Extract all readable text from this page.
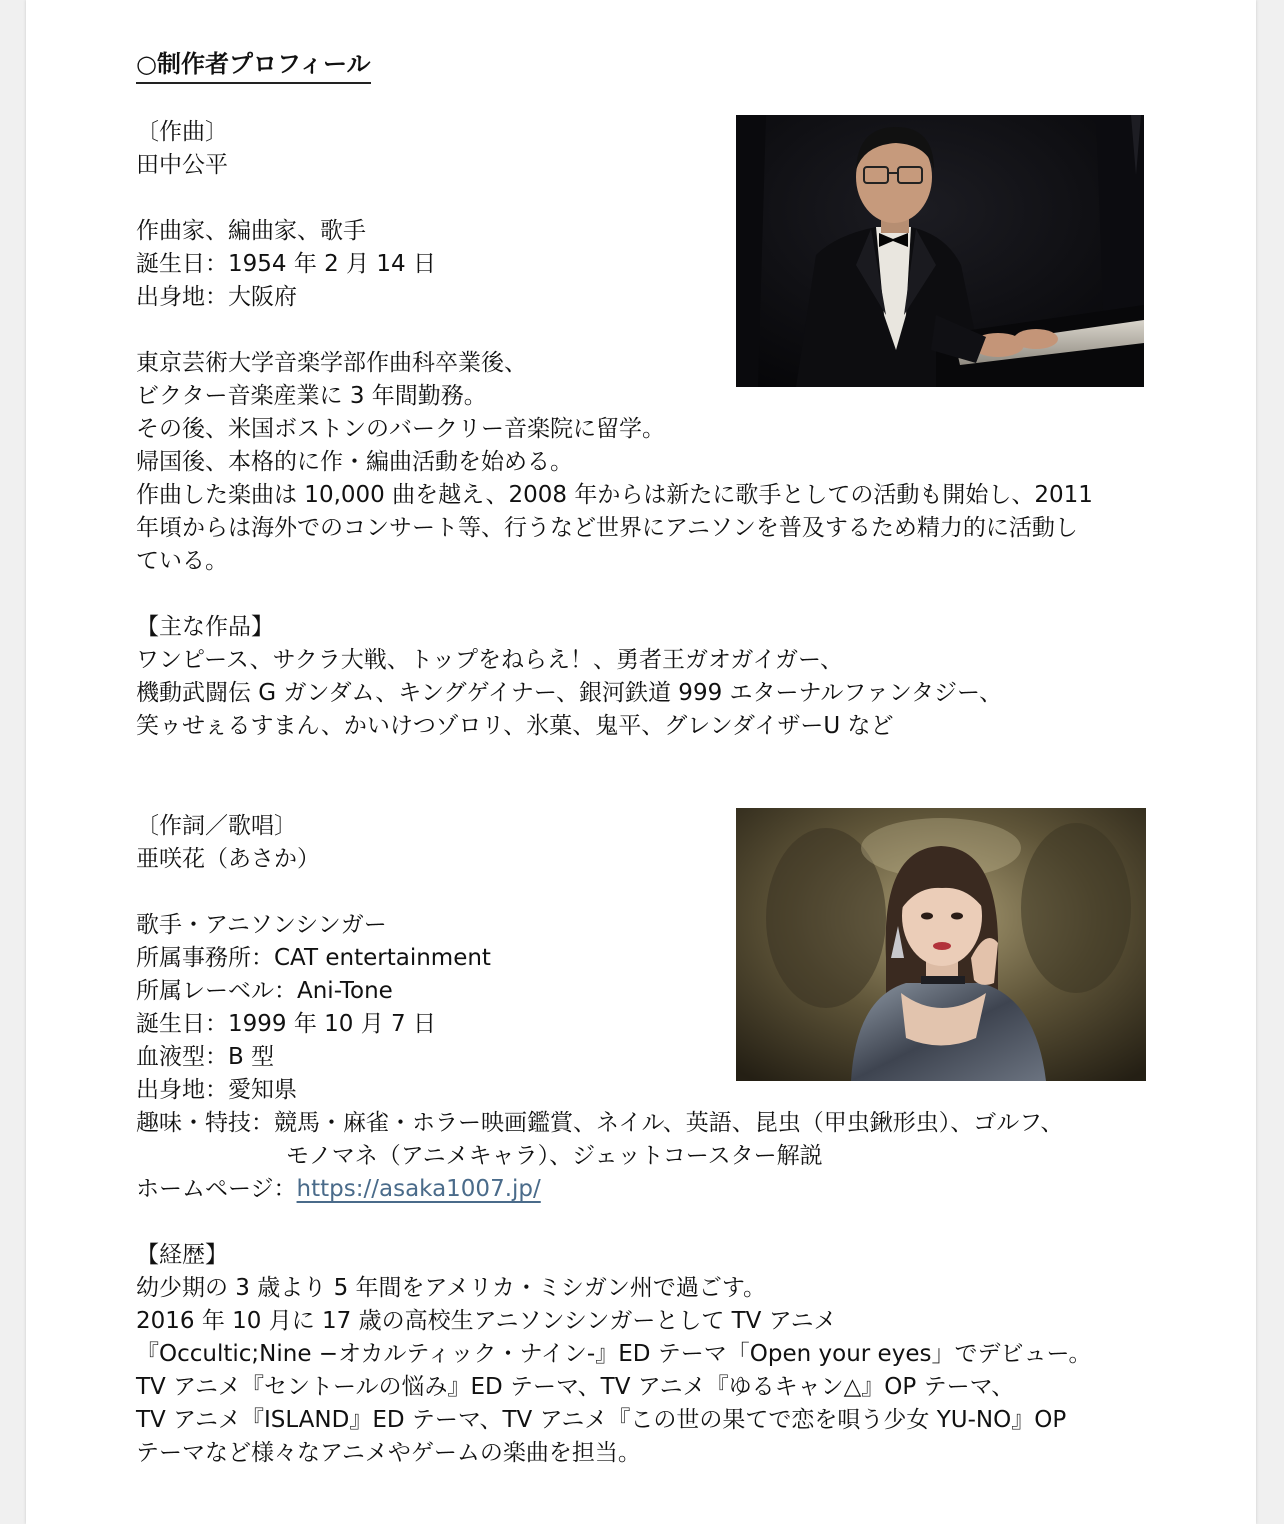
○制作者プロフィール
〔作曲〕
田中公平
作曲家、編曲家、歌手
誕生日：1954 年 2 月 14 日
出身地：大阪府
東京芸術大学音楽学部作曲科卒業後、
ビクター音楽産業に 3 年間勤務。
その後、米国ボストンのバークリー音楽院に留学。
帰国後、本格的に作・編曲活動を始める。
作曲した楽曲は 10,000 曲を越え、2008 年からは新たに歌手としての活動も開始し、2011
年頃からは海外でのコンサート等、行うなど世界にアニソンを普及するため精力的に活動し
ている。
【主な作品】
ワンピース、サクラ大戦、トップをねらえ！、勇者王ガオガイガー、
機動武闘伝 G ガンダム、キングゲイナー、銀河鉄道 999 エターナルファンタジー、
笑ゥせぇるすまん、かいけつゾロリ、氷菓、鬼平、グレンダイザーU など
〔作詞／歌唱〕
亜咲花（あさか）
歌手・アニソンシンガー
所属事務所：CAT entertainment
所属レーベル：Ani-Tone
誕生日：1999 年 10 月 7 日
血液型：B 型
出身地：愛知県
趣味・特技：競馬・麻雀・ホラー映画鑑賞、ネイル、英語、昆虫（甲虫鍬形虫）、ゴルフ、
モノマネ（アニメキャラ）、ジェットコースター解説
ホームページ：https://asaka1007.jp/
【経歴】
幼少期の 3 歳より 5 年間をアメリカ・ミシガン州で過ごす。
2016 年 10 月に 17 歳の高校生アニソンシンガーとして TV アニメ
『Occultic;Nine −オカルティック・ナイン-』ED テーマ「Open your eyes」でデビュー。
TV アニメ『セントールの悩み』ED テーマ、TV アニメ『ゆるキャン△』OP テーマ、
TV アニメ『ISLAND』ED テーマ、TV アニメ『この世の果てで恋を唄う少女 YU-NO』OP
テーマなど様々なアニメやゲームの楽曲を担当。
